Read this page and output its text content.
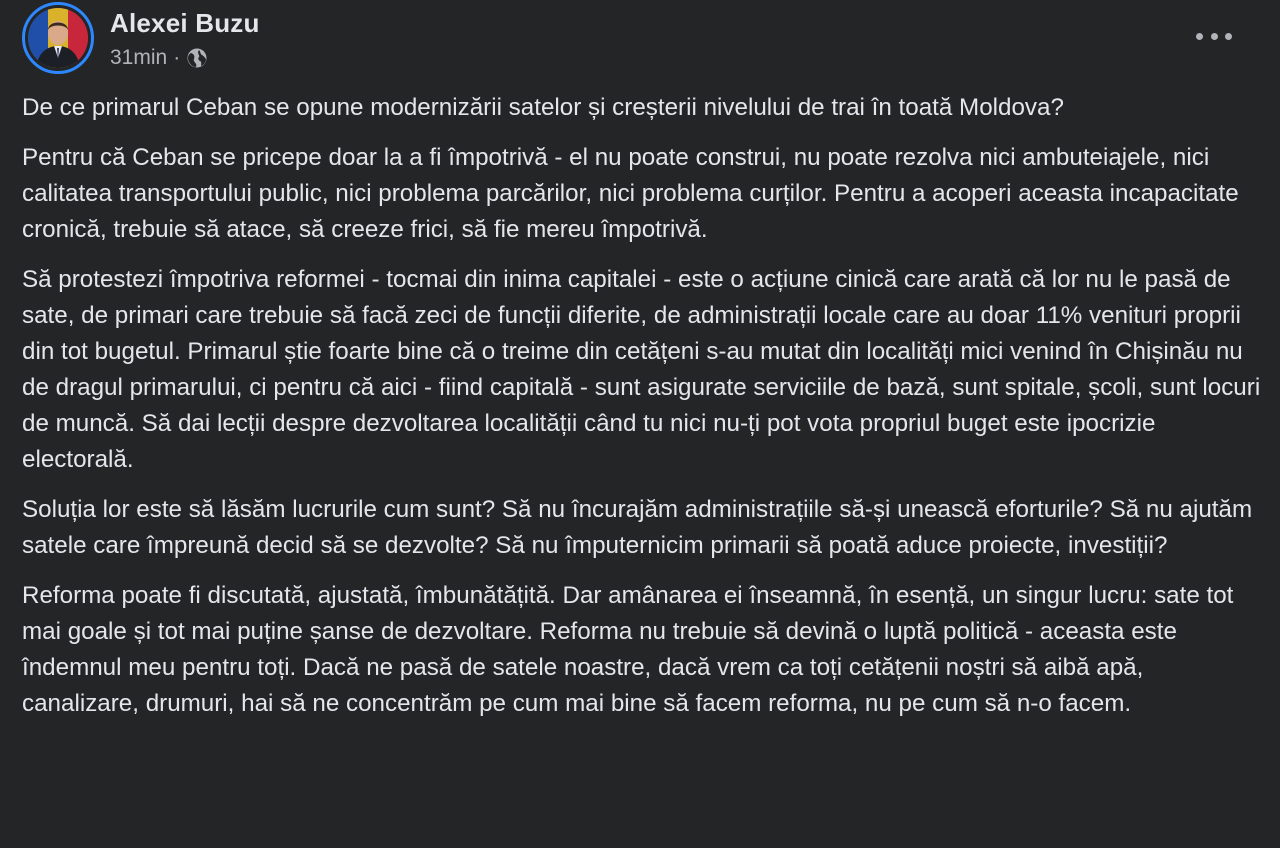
Alexei Buzu
31min ·

De ce primarul Ceban se opune modernizării satelor și creșterii nivelului de trai în toată Moldova?

Pentru că Ceban se pricepe doar la a fi împotrivă - el nu poate construi, nu poate rezolva nici ambuteiajele, nici calitatea transportului public, nici problema parcărilor, nici problema curților. Pentru a acoperi aceasta incapacitate cronică, trebuie să atace, să creeze frici, să fie mereu împotrivă.

Să protestezi împotriva reformei - tocmai din inima capitalei - este o acțiune cinică care arată că lor nu le pasă de sate, de primari care trebuie să facă zeci de funcții diferite, de administrații locale care au doar 11% venituri proprii din tot bugetul. Primarul știe foarte bine că o treime din cetățeni s-au mutat din localități mici venind în Chișinău nu de dragul primarului, ci pentru că aici - fiind capitală - sunt asigurate serviciile de bază, sunt spitale, școli, sunt locuri de muncă. Să dai lecții despre dezvoltarea localității când tu nici nu-ți pot vota propriul buget este ipocrizie electorală.

Soluția lor este să lăsăm lucrurile cum sunt? Să nu încurajăm administrațiile să-și unească eforturile? Să nu ajutăm satele care împreună decid să se dezvolte? Să nu împuternicim primarii să poată aduce proiecte, investiții?

Reforma poate fi discutată, ajustată, îmbunătățită. Dar amânarea ei înseamnă, în esență, un singur lucru: sate tot mai goale și tot mai puține șanse de dezvoltare. Reforma nu trebuie să devină o luptă politică - aceasta este îndemnul meu pentru toți. Dacă ne pasă de satele noastre, dacă vrem ca toți cetățenii noștri să aibă apă, canalizare, drumuri, hai să ne concentrăm pe cum mai bine să facem reforma, nu pe cum să n-o facem.
